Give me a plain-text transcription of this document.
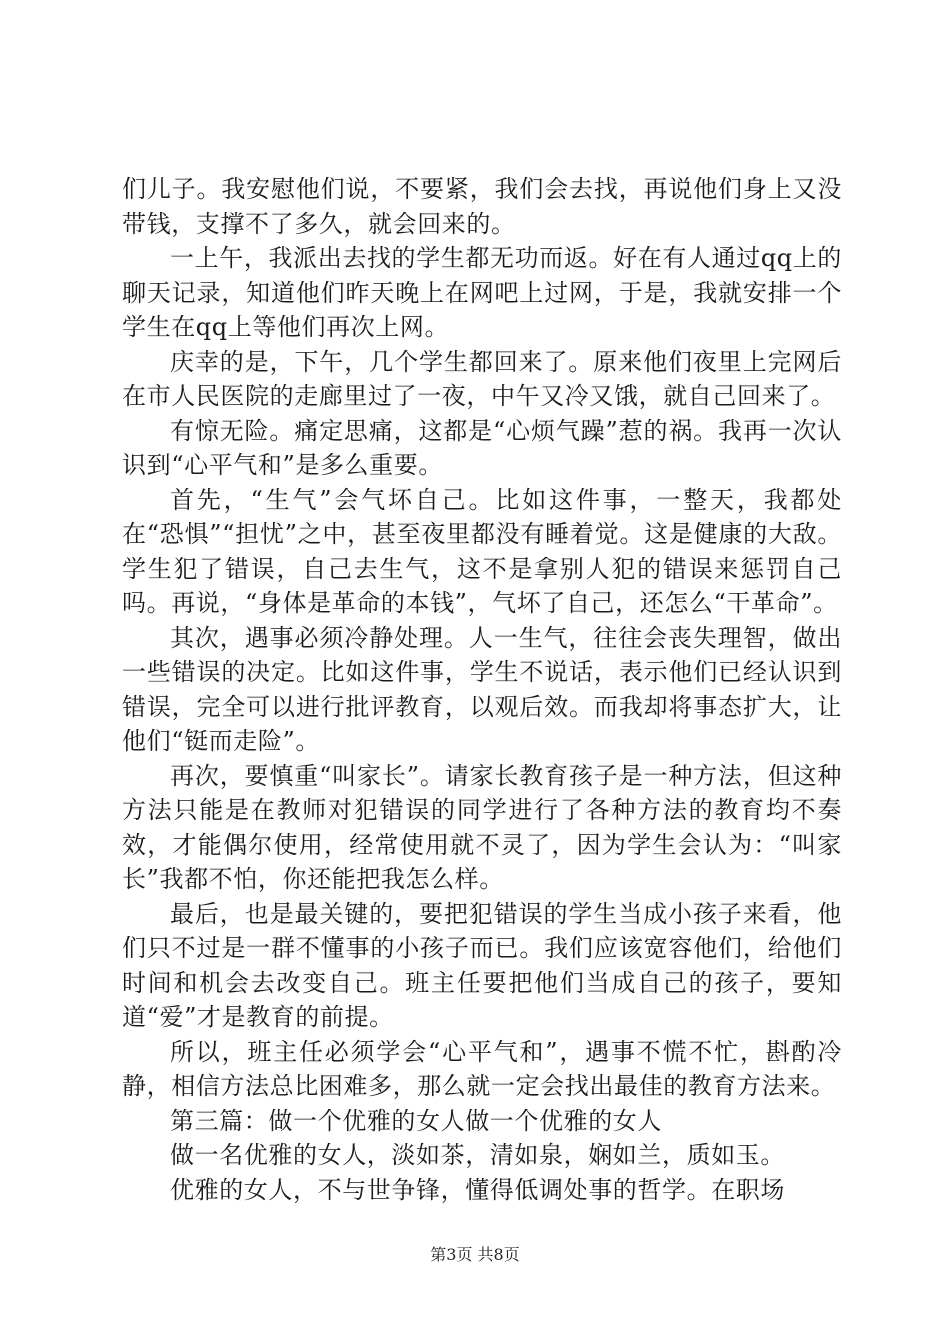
们儿子。我安慰他们说，不要紧，我们会去找，再说他们身上又没带钱，支撑不了多久，就会回来的。

一上午，我派出去找的学生都无功而返。好在有人通过qq上的聊天记录，知道他们昨天晚上在网吧上过网，于是，我就安排一个学生在qq上等他们再次上网。

庆幸的是，下午，几个学生都回来了。原来他们夜里上完网后在市人民医院的走廊里过了一夜，中午又冷又饿，就自己回来了。

有惊无险。痛定思痛，这都是“心烦气躁”惹的祸。我再一次认识到“心平气和”是多么重要。

首先，“生气”会气坏自己。比如这件事，一整天，我都处在“恐惧”“担忧”之中，甚至夜里都没有睡着觉。这是健康的大敌。学生犯了错误，自己去生气，这不是拿别人犯的错误来惩罚自己吗。再说，“身体是革命的本钱”，气坏了自己，还怎么“干革命”。

其次，遇事必须冷静处理。人一生气，往往会丧失理智，做出一些错误的决定。比如这件事，学生不说话，表示他们已经认识到错误，完全可以进行批评教育，以观后效。而我却将事态扩大，让他们“铤而走险”。

再次，要慎重“叫家长”。请家长教育孩子是一种方法，但这种方法只能是在教师对犯错误的同学进行了各种方法的教育均不奏效，才能偶尔使用，经常使用就不灵了，因为学生会认为：“叫家长”我都不怕，你还能把我怎么样。

最后，也是最关键的，要把犯错误的学生当成小孩子来看，他们只不过是一群不懂事的小孩子而已。我们应该宽容他们，给他们时间和机会去改变自己。班主任要把他们当成自己的孩子，要知道“爱”才是教育的前提。

所以，班主任必须学会“心平气和”，遇事不慌不忙，斟酌冷静，相信方法总比困难多，那么就一定会找出最佳的教育方法来。

第三篇：做一个优雅的女人做一个优雅的女人

做一名优雅的女人，淡如茶，清如泉，娴如兰，质如玉。

优雅的女人，不与世争锋，懂得低调处事的哲学。在职场

第3页 共8页
